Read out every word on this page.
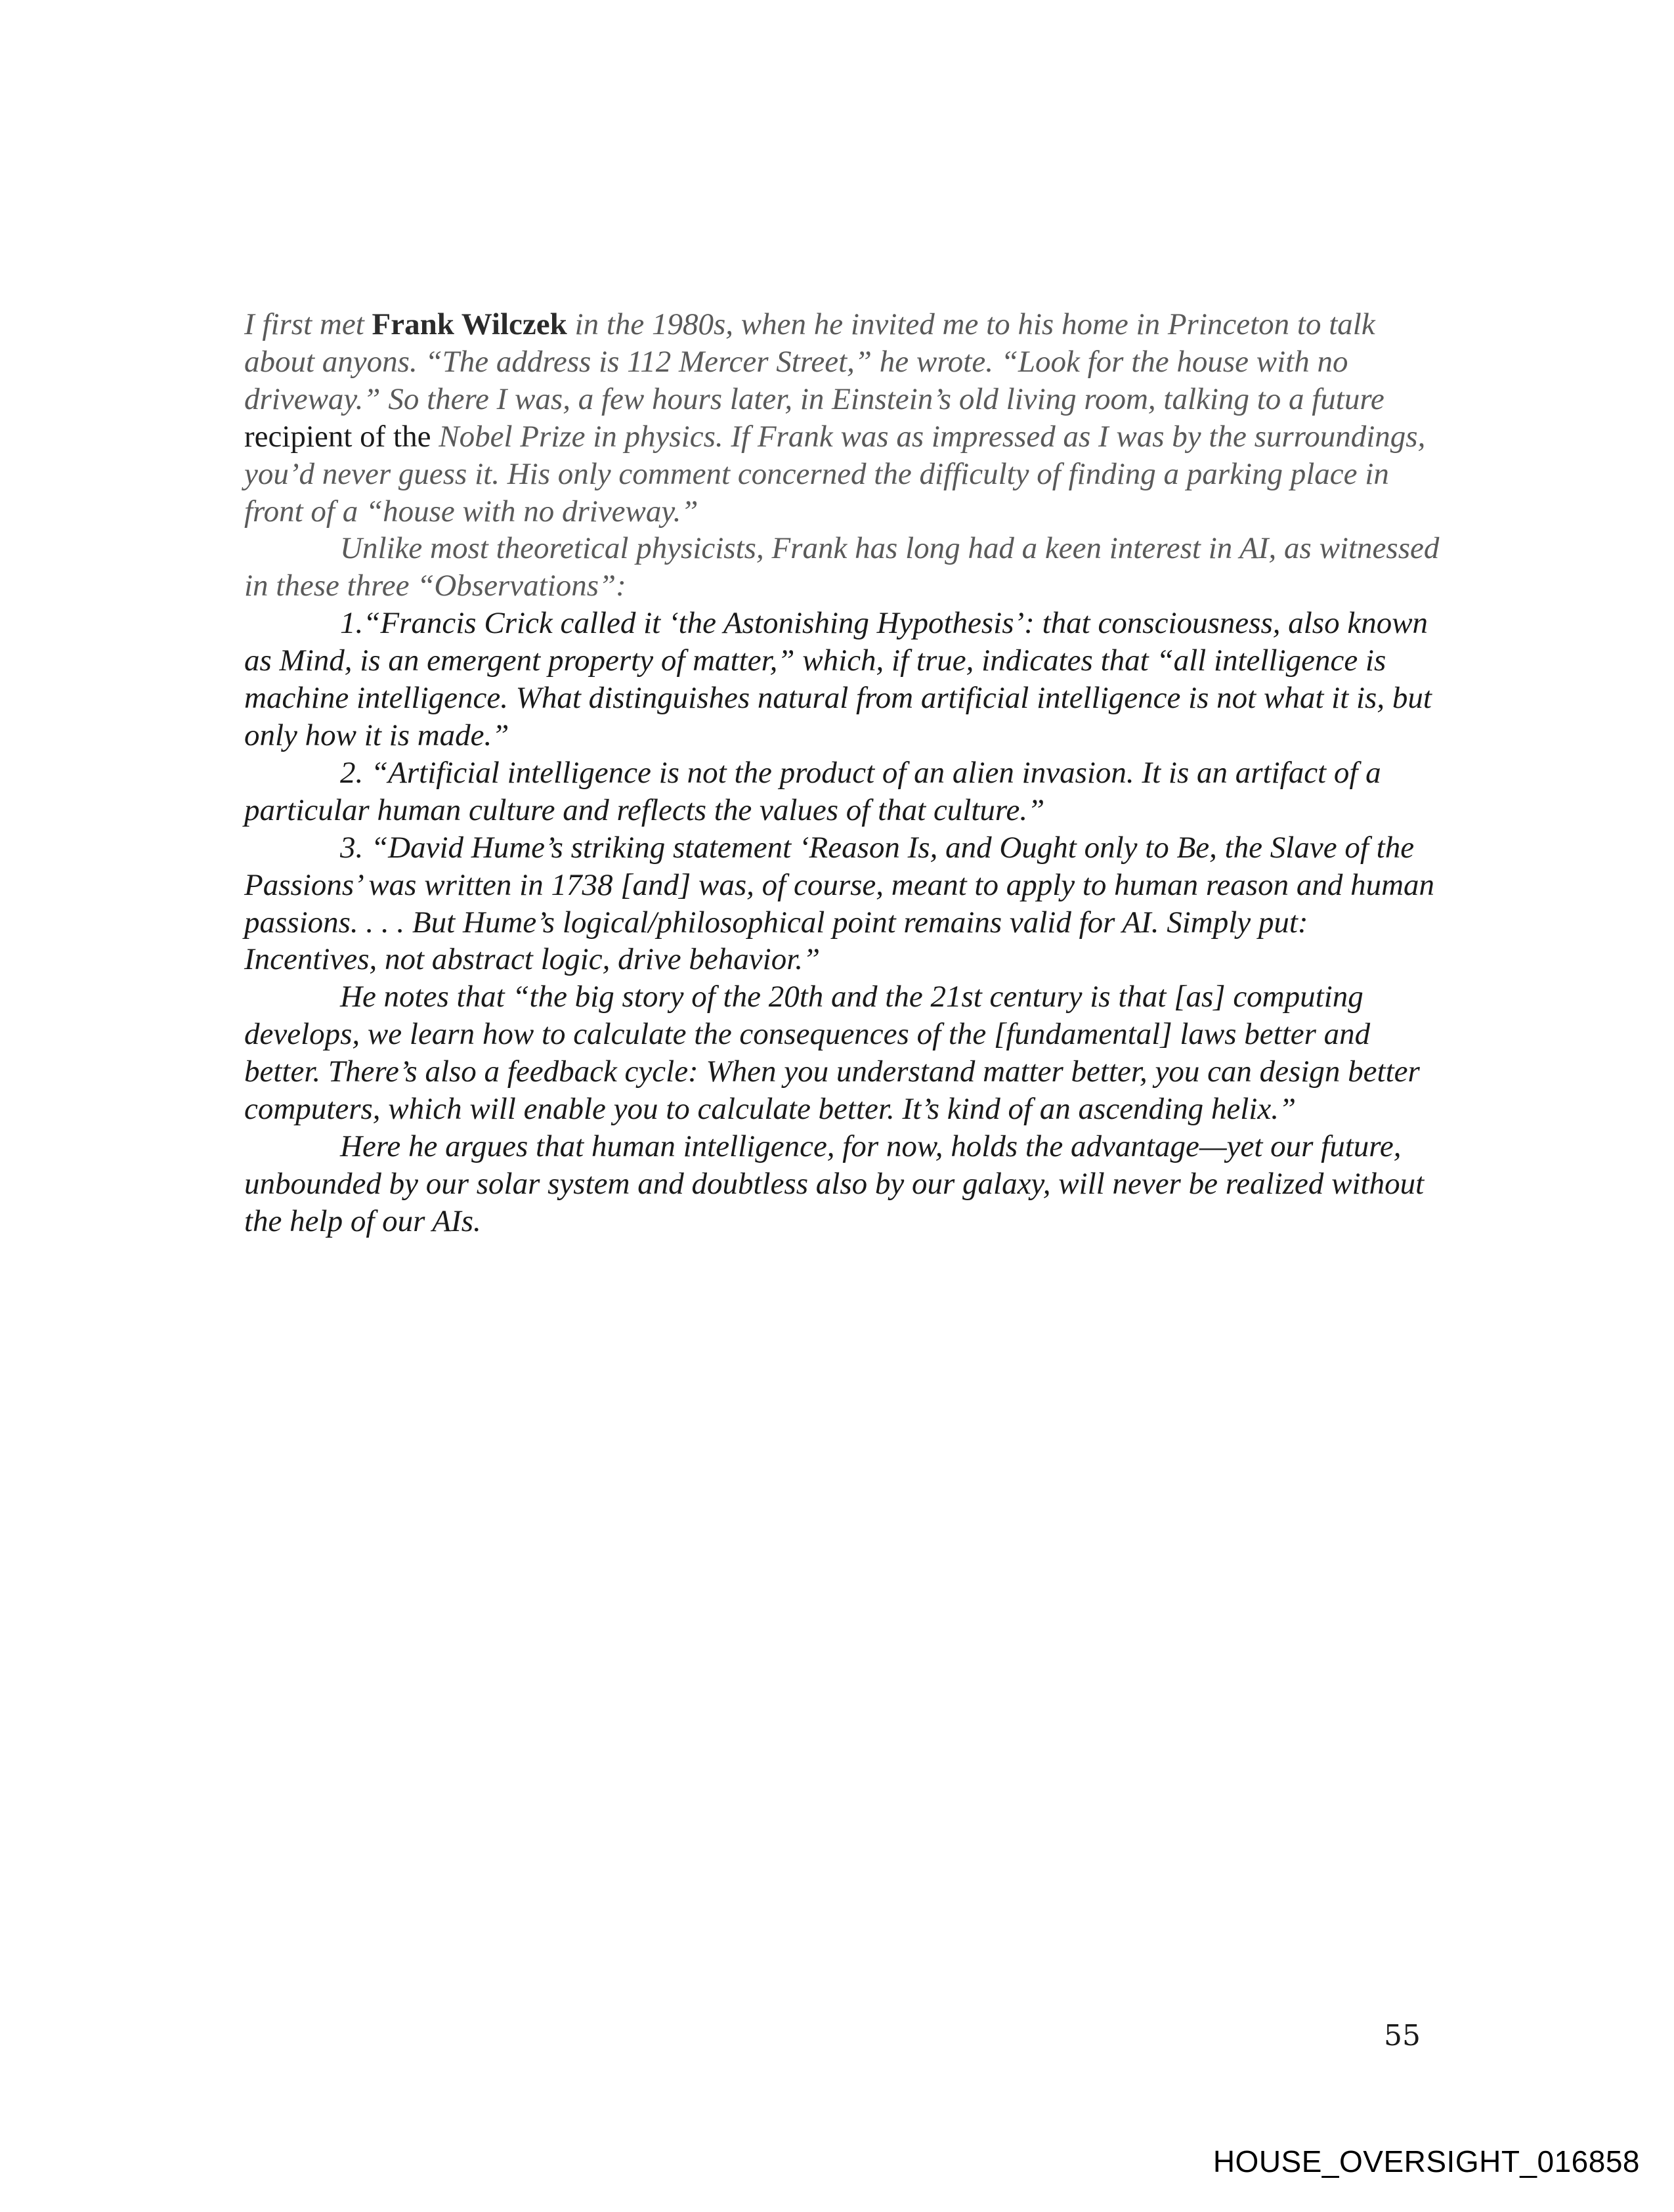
I first met Frank Wilczek in the 1980s, when he invited me to his home in Princeton to talk about anyons. “The address is 112 Mercer Street,” he wrote. “Look for the house with no driveway.” So there I was, a few hours later, in Einstein’s old living room, talking to a future recipient of the Nobel Prize in physics. If Frank was as impressed as I was by the surroundings, you’d never guess it. His only comment concerned the difficulty of finding a parking place in front of a “house with no driveway.”

Unlike most theoretical physicists, Frank has long had a keen interest in AI, as witnessed in these three “Observations”:

1.“Francis Crick called it ‘the Astonishing Hypothesis’: that consciousness, also known as Mind, is an emergent property of matter,” which, if true, indicates that “all intelligence is machine intelligence. What distinguishes natural from artificial intelligence is not what it is, but only how it is made.”

2. “Artificial intelligence is not the product of an alien invasion. It is an artifact of a particular human culture and reflects the values of that culture.”

3. “David Hume’s striking statement ‘Reason Is, and Ought only to Be, the Slave of the Passions’ was written in 1738 [and] was, of course, meant to apply to human reason and human passions. . . . But Hume’s logical/philosophical point remains valid for AI. Simply put: Incentives, not abstract logic, drive behavior.”

He notes that “the big story of the 20th and the 21st century is that [as] computing develops, we learn how to calculate the consequences of the [fundamental] laws better and better. There’s also a feedback cycle: When you understand matter better, you can design better computers, which will enable you to calculate better. It’s kind of an ascending helix.”

Here he argues that human intelligence, for now, holds the advantage—yet our future, unbounded by our solar system and doubtless also by our galaxy, will never be realized without the help of our AIs.

55
HOUSE_OVERSIGHT_016858
